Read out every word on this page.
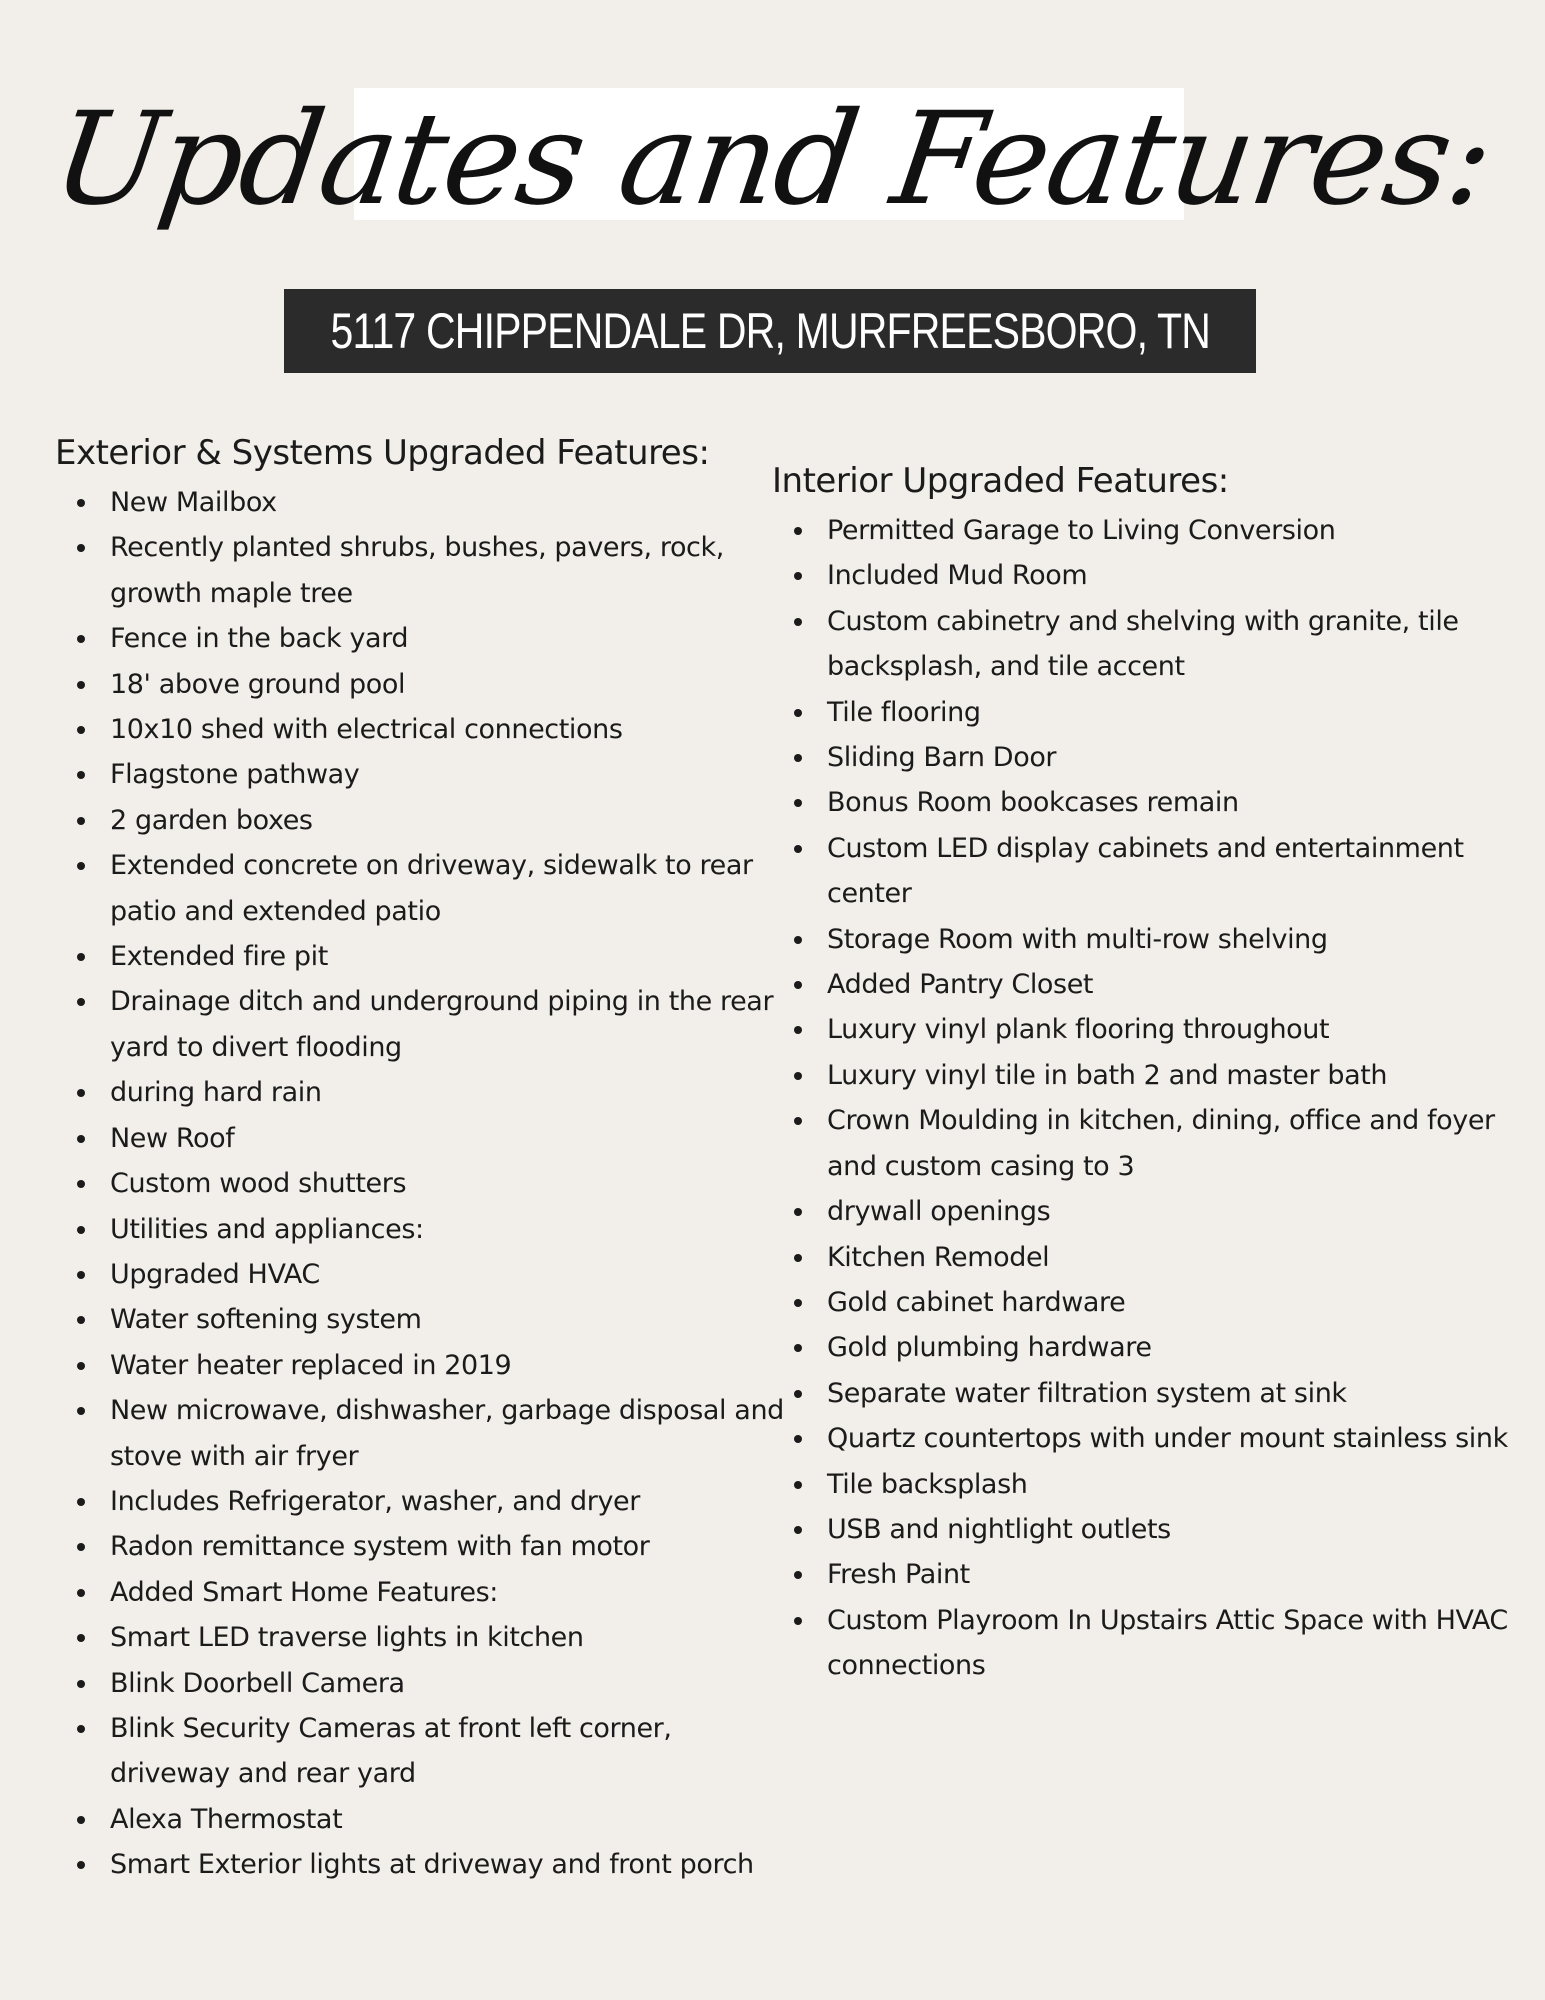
Updates and Features:
5117 CHIPPENDALE DR, MURFREESBORO, TN
Exterior & Systems Upgraded Features:
New Mailbox
Recently planted shrubs, bushes, pavers, rock, growth maple tree
Fence in the back yard
18' above ground pool
10x10 shed with electrical connections
Flagstone pathway
2 garden boxes
Extended concrete on driveway, sidewalk to rear patio and extended patio
Extended fire pit
Drainage ditch and underground piping in the rear yard to divert flooding
during hard rain
New Roof
Custom wood shutters
Utilities and appliances:
Upgraded HVAC
Water softening system
Water heater replaced in 2019
New microwave, dishwasher, garbage disposal and stove with air fryer
Includes Refrigerator, washer, and dryer
Radon remittance system with fan motor
Added Smart Home Features:
Smart LED traverse lights in kitchen
Blink Doorbell Camera
Blink Security Cameras at front left corner, driveway and rear yard
Alexa Thermostat
Smart Exterior lights at driveway and front porch
Interior Upgraded Features:
Permitted Garage to Living Conversion
Included Mud Room
Custom cabinetry and shelving with granite, tile backsplash, and tile accent
Tile flooring
Sliding Barn Door
Bonus Room bookcases remain
Custom LED display cabinets and entertainment center
Storage Room with multi-row shelving
Added Pantry Closet
Luxury vinyl plank flooring throughout
Luxury vinyl tile in bath 2 and master bath
Crown Moulding in kitchen, dining, office and foyer and custom casing to 3
drywall openings
Kitchen Remodel
Gold cabinet hardware
Gold plumbing hardware
Separate water filtration system at sink
Quartz countertops with under mount stainless sink
Tile backsplash
USB and nightlight outlets
Fresh Paint
Custom Playroom In Upstairs Attic Space with HVAC connections
